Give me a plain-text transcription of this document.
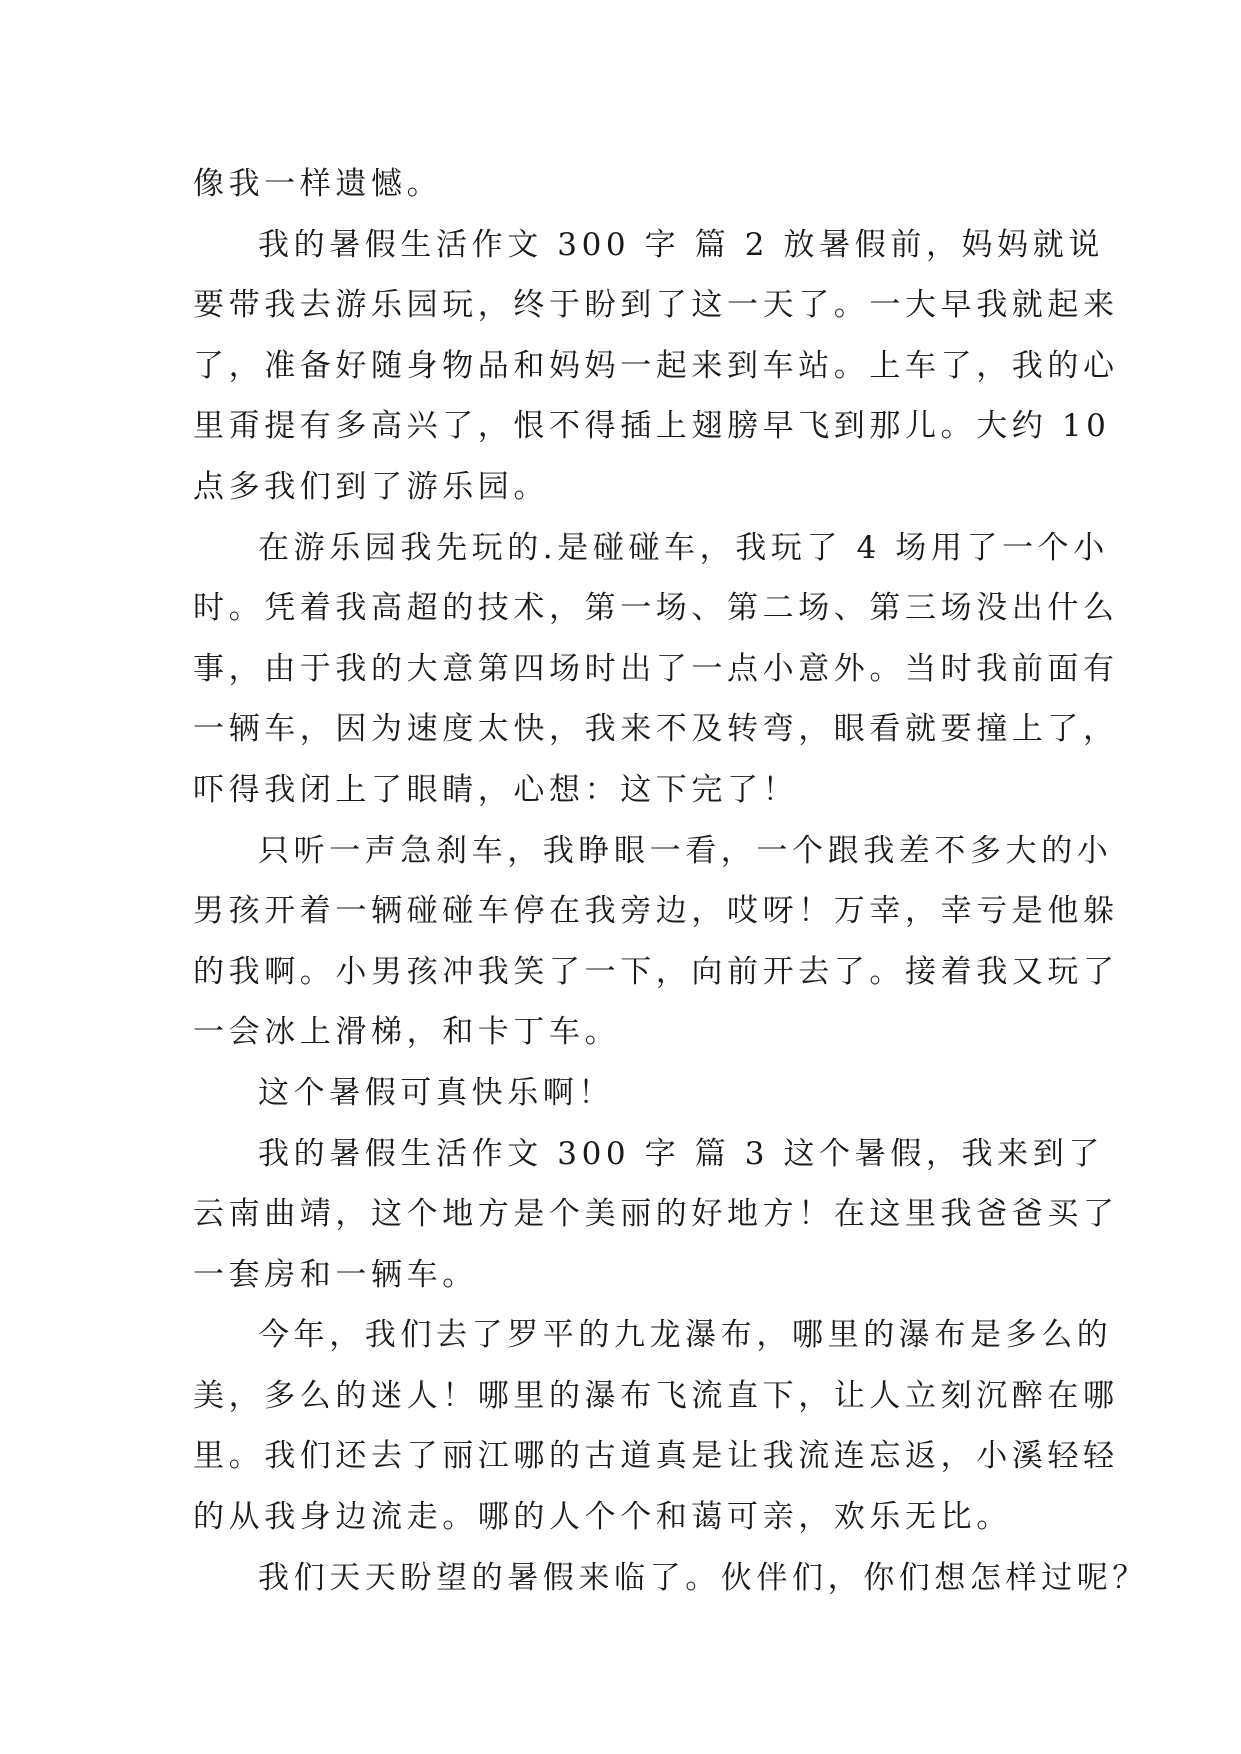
像我一样遗憾。
我的暑假生活作文 300 字 篇 2 放暑假前，妈妈就说
要带我去游乐园玩，终于盼到了这一天了。一大早我就起来
了，准备好随身物品和妈妈一起来到车站。上车了，我的心
里甭提有多高兴了，恨不得插上翅膀早飞到那儿。大约 10
点多我们到了游乐园。
在游乐园我先玩的.是碰碰车，我玩了 4 场用了一个小
时。凭着我高超的技术，第一场、第二场、第三场没出什么
事，由于我的大意第四场时出了一点小意外。当时我前面有
一辆车，因为速度太快，我来不及转弯，眼看就要撞上了，
吓得我闭上了眼睛，心想：这下完了！
只听一声急刹车，我睁眼一看，一个跟我差不多大的小
男孩开着一辆碰碰车停在我旁边，哎呀！万幸，幸亏是他躲
的我啊。小男孩冲我笑了一下，向前开去了。接着我又玩了
一会冰上滑梯，和卡丁车。
这个暑假可真快乐啊！
我的暑假生活作文 300 字 篇 3 这个暑假，我来到了
云南曲靖，这个地方是个美丽的好地方！在这里我爸爸买了
一套房和一辆车。
今年，我们去了罗平的九龙瀑布，哪里的瀑布是多么的
美，多么的迷人！哪里的瀑布飞流直下，让人立刻沉醉在哪
里。我们还去了丽江哪的古道真是让我流连忘返，小溪轻轻
的从我身边流走。哪的人个个和蔼可亲，欢乐无比。
我们天天盼望的暑假来临了。伙伴们，你们想怎样过呢？
